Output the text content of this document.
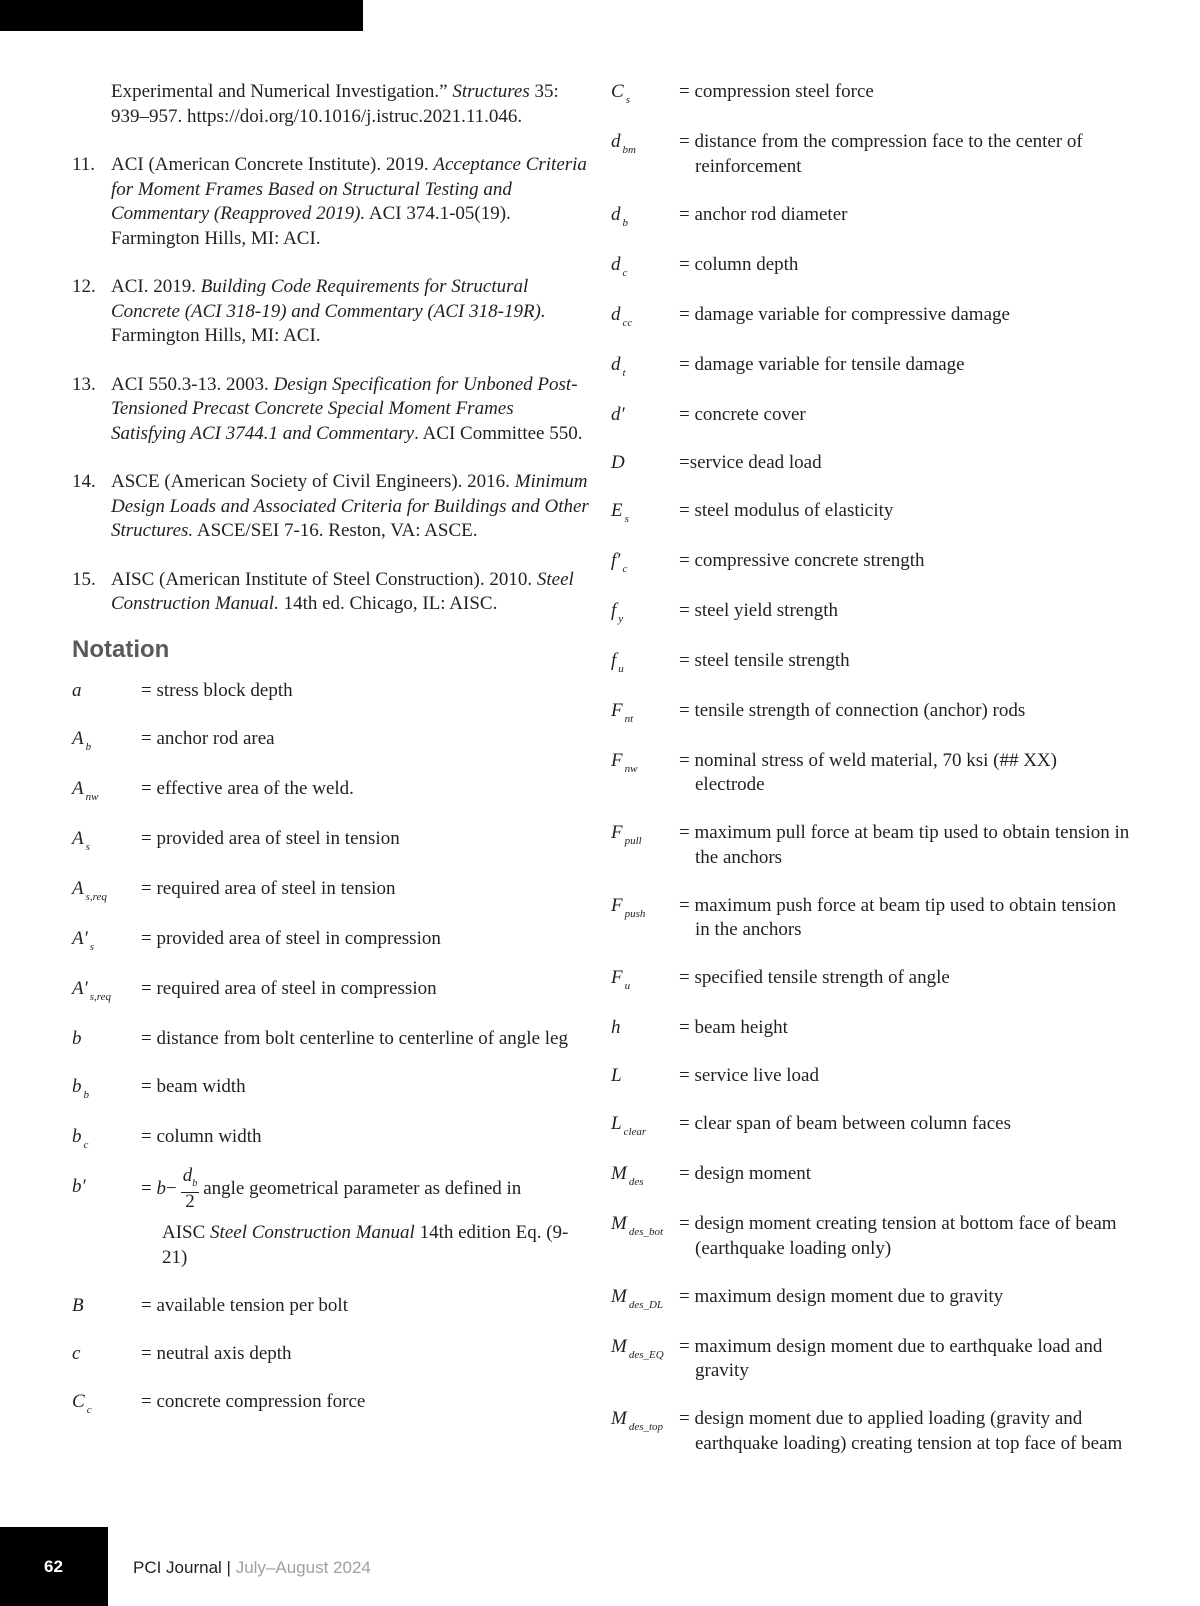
Experimental and Numerical Investigation.” Structures 35: 939–957. https://doi.org/10.1016/j.istruc.2021.11.046.
11. ACI (American Concrete Institute). 2019. Acceptance Criteria for Moment Frames Based on Structural Testing and Commentary (Reapproved 2019). ACI 374.1-05(19). Farmington Hills, MI: ACI.
12. ACI. 2019. Building Code Requirements for Structural Concrete (ACI 318-19) and Commentary (ACI 318-19R). Farmington Hills, MI: ACI.
13. ACI 550.3-13. 2003. Design Specification for Unboned Post-Tensioned Precast Concrete Special Moment Frames Satisfying ACI 3744.1 and Commentary. ACI Committee 550.
14. ASCE (American Society of Civil Engineers). 2016. Minimum Design Loads and Associated Criteria for Buildings and Other Structures. ASCE/SEI 7-16. Reston, VA: ASCE.
15. AISC (American Institute of Steel Construction). 2010. Steel Construction Manual. 14th ed. Chicago, IL: AISC.
Notation
a	= stress block depth
A $_b$	= anchor rod area
A $_{nw}$	= effective area of the weld.
A $_s$	= provided area of steel in tension
A $_{s,req}$	= required area of steel in tension
A′ $_s$	= provided area of steel in compression
A′ $_{s,req}$	= required area of steel in compression
b	= distance from bolt centerline to centerline of angle leg
b $_b$	= beam width
b $_c$	= column width
b′	=
$b - \frac{d_b}{2}$ angle geometrical parameter as defined in
AISC Steel Construction Manual 14th edition Eq. (9-21)
B	= available tension per bolt
c	= neutral axis depth
C $_c$	= concrete compression force
C $_s$	= compression steel force
d $_{bm}$	= distance from the compression face to the center of reinforcement
d $_b$	= anchor rod diameter
d $_c$	= column depth
d $_{cc}$	= damage variable for compressive damage
d $_t$	= damage variable for tensile damage
d′	= concrete cover
D	=service dead load
E $_s$	= steel modulus of elasticity
f′ $_c$	= compressive concrete strength
f $_y$	= steel yield strength
f $_u$	= steel tensile strength
F $_{nt}$	= tensile strength of connection (anchor) rods
F $_{nw}$	= nominal stress of weld material, 70 ksi (## XX) electrode
F $_{pull}$	= maximum pull force at beam tip used to obtain tension in the anchors
F $_{push}$	= maximum push force at beam tip used to obtain tension in the anchors
F $_u$	= specified tensile strength of angle
h	= beam height
L	= service live load
L $_{clear}$	= clear span of beam between column faces
M $_{des}$	= design moment
M $_{des\_bot}$ = design moment creating tension at bottom face of beam (earthquake loading only)
M $_{des\_DL}$ = maximum design moment due to gravity
M $_{des\_EQ}$ = maximum design moment due to earthquake load and gravity
M $_{des\_top}$ = design moment due to applied loading (gravity and earthquake loading) creating tension at top face of beam
62	PCI Journal | July–August 2024
